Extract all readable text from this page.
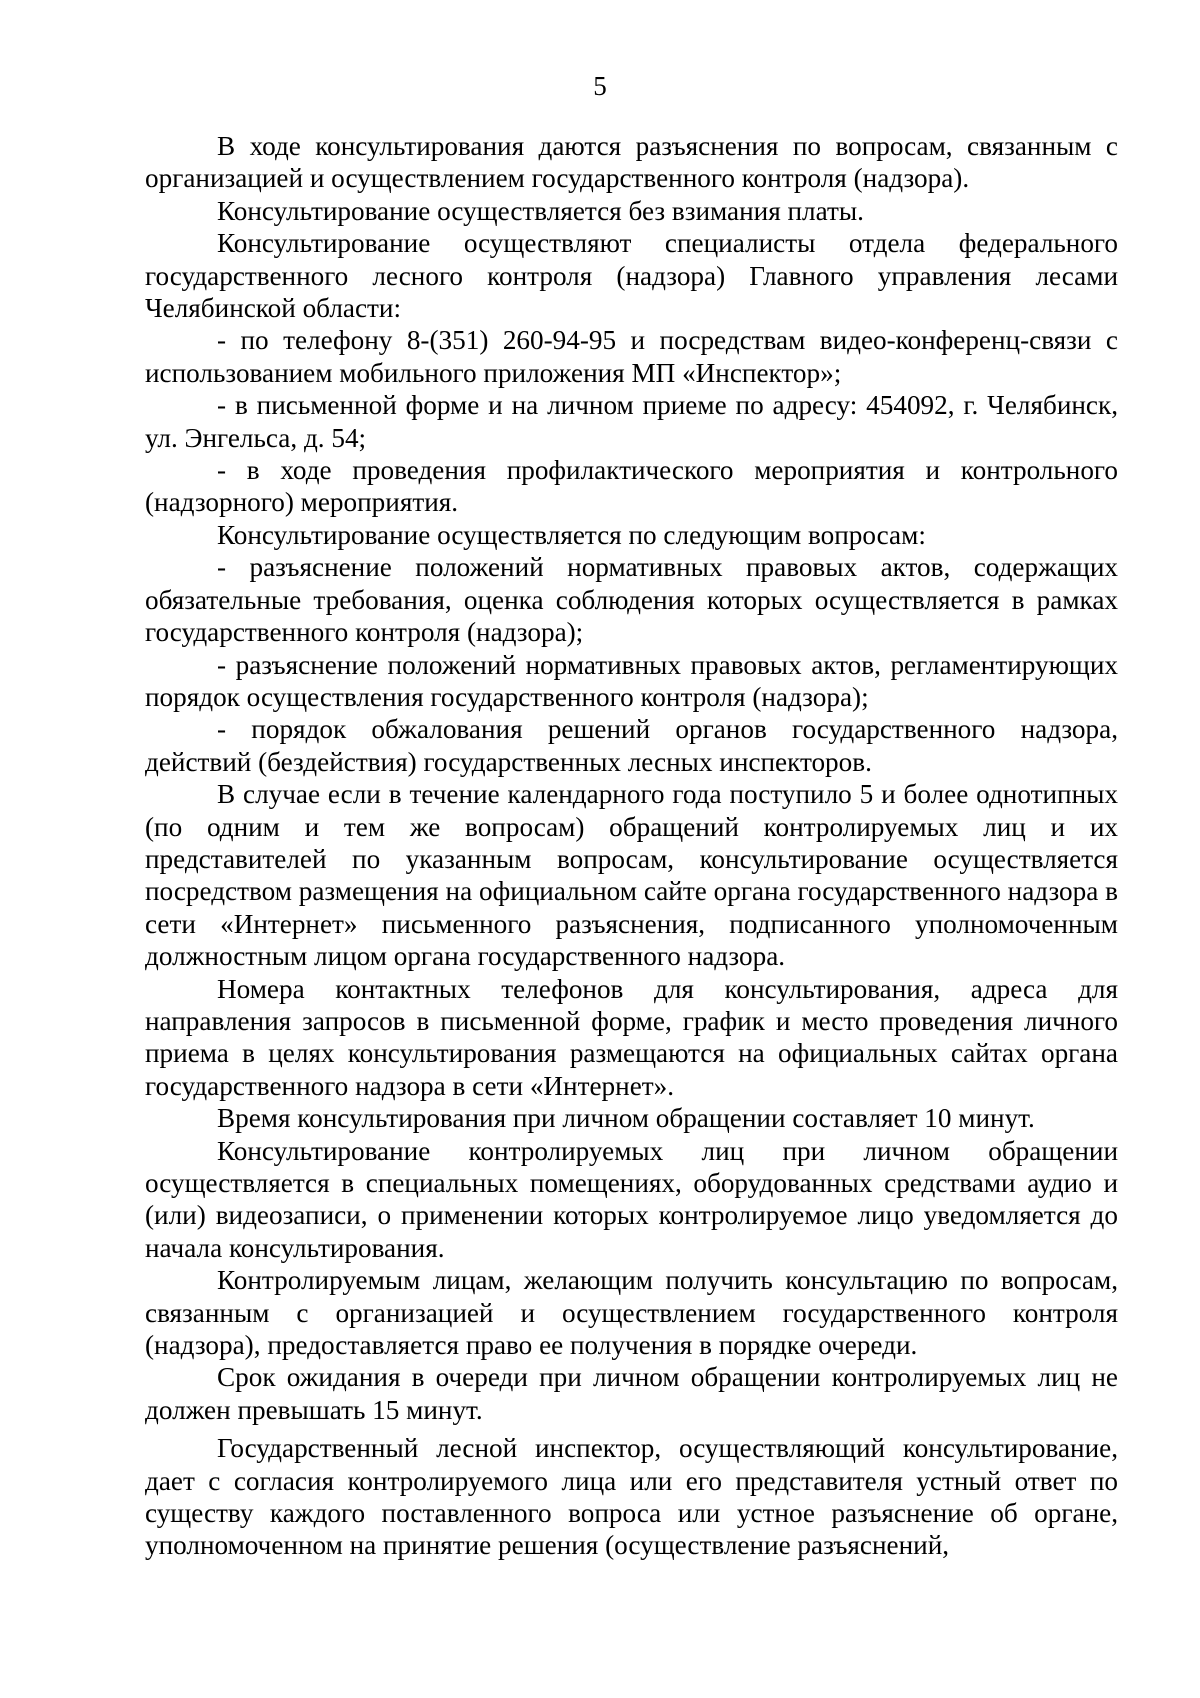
5

В ходе консультирования даются разъяснения по вопросам, связанным с организацией и осуществлением государственного контроля (надзора).

Консультирование осуществляется без взимания платы.

Консультирование осуществляют специалисты отдела федерального государственного лесного контроля (надзора) Главного управления лесами Челябинской области:

- по телефону 8-(351) 260-94-95 и посредствам видео-конференц-связи с использованием мобильного приложения МП «Инспектор»;

- в письменной форме и на личном приеме по адресу: 454092, г. Челябинск, ул. Энгельса, д. 54;

- в ходе проведения профилактического мероприятия и контрольного (надзорного) мероприятия.

Консультирование осуществляется по следующим вопросам:

- разъяснение положений нормативных правовых актов, содержащих обязательные требования, оценка соблюдения которых осуществляется в рамках государственного контроля (надзора);

- разъяснение положений нормативных правовых актов, регламентирующих порядок осуществления государственного контроля (надзора);

- порядок обжалования решений органов государственного надзора, действий (бездействия) государственных лесных инспекторов.

В случае если в течение календарного года поступило 5 и более однотипных (по одним и тем же вопросам) обращений контролируемых лиц и их представителей по указанным вопросам, консультирование осуществляется посредством размещения на официальном сайте органа государственного надзора в сети «Интернет» письменного разъяснения, подписанного уполномоченным должностным лицом органа государственного надзора.

Номера контактных телефонов для консультирования, адреса для направления запросов в письменной форме, график и место проведения личного приема в целях консультирования размещаются на официальных сайтах органа государственного надзора в сети «Интернет».

Время консультирования при личном обращении составляет 10 минут.

Консультирование контролируемых лиц при личном обращении осуществляется в специальных помещениях, оборудованных средствами аудио и (или) видеозаписи, о применении которых контролируемое лицо уведомляется до начала консультирования.

Контролируемым лицам, желающим получить консультацию по вопросам, связанным с организацией и осуществлением государственного контроля (надзора), предоставляется право ее получения в порядке очереди.

Срок ожидания в очереди при личном обращении контролируемых лиц не должен превышать 15 минут.

Государственный лесной инспектор, осуществляющий консультирование, дает с согласия контролируемого лица или его представителя устный ответ по существу каждого поставленного вопроса или устное разъяснение об органе, уполномоченном на принятие решения (осуществление разъяснений,
